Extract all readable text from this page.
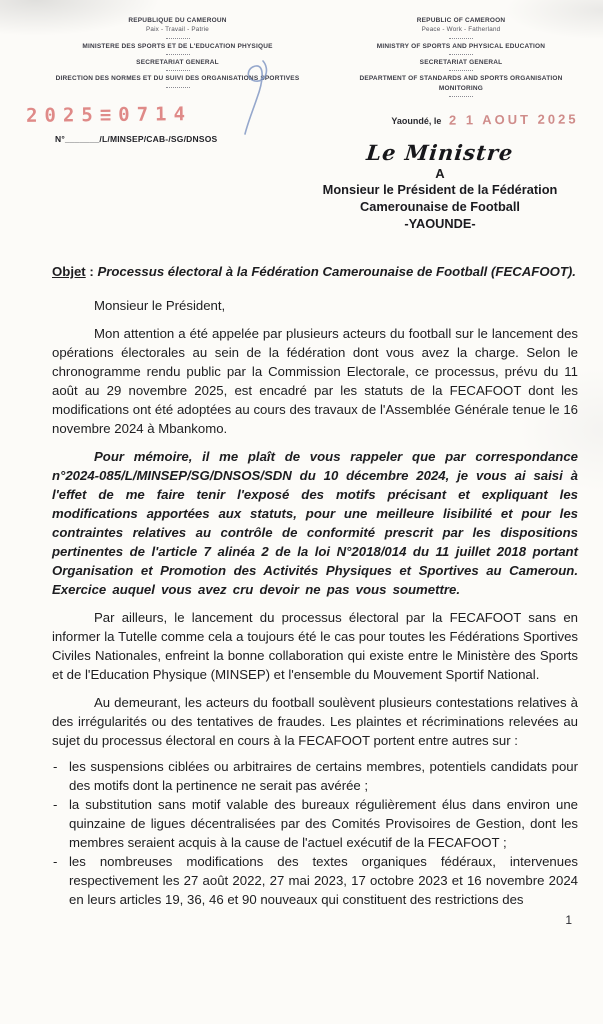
REPUBLIQUE DU CAMEROUN
Paix - Travail - Patrie
MINISTERE DES SPORTS ET DE L'EDUCATION PHYSIQUE
SECRETARIAT GENERAL
DIRECTION DES NORMES ET DU SUIVI DES ORGANISATIONS SPORTIVES
REPUBLIC OF CAMEROON
Peace - Work - Fatherland
MINISTRY OF SPORTS AND PHYSICAL EDUCATION
SECRETARIAT GENERAL
DEPARTMENT OF STANDARDS AND SPORTS ORGANISATION MONITORING
2025≡0714
N°_______/L/MINSEP/CAB-/SG/DNSOS
Yaoundé, le 2 1 AOUT 2025
Le Ministre
A
Monsieur le Président de la Fédération
Camerounaise de Football
-YAOUNDE-
Objet : Processus électoral à la Fédération Camerounaise de Football (FECAFOOT).
Monsieur le Président,

Mon attention a été appelée par plusieurs acteurs du football sur le lancement des opérations électorales au sein de la fédération dont vous avez la charge. Selon le chronogramme rendu public par la Commission Electorale, ce processus, prévu du 11 août au 29 novembre 2025, est encadré par les statuts de la FECAFOOT dont les modifications ont été adoptées au cours des travaux de l'Assemblée Générale tenue le 16 novembre 2024 à Mbankomo.

Pour mémoire, il me plaît de vous rappeler que par correspondance n°2024-085/L/MINSEP/SG/DNSOS/SDN du 10 décembre 2024, je vous ai saisi à l'effet de me faire tenir l'exposé des motifs précisant et expliquant les modifications apportées aux statuts, pour une meilleure lisibilité et pour les contraintes relatives au contrôle de conformité prescrit par les dispositions pertinentes de l'article 7 alinéa 2 de la loi N°2018/014 du 11 juillet 2018 portant Organisation et Promotion des Activités Physiques et Sportives au Cameroun. Exercice auquel vous avez cru devoir ne pas vous soumettre.

Par ailleurs, le lancement du processus électoral par la FECAFOOT sans en informer la Tutelle comme cela a toujours été le cas pour toutes les Fédérations Sportives Civiles Nationales, enfreint la bonne collaboration qui existe entre le Ministère des Sports et de l'Education Physique (MINSEP) et l'ensemble du Mouvement Sportif National.

Au demeurant, les acteurs du football soulèvent plusieurs contestations relatives à des irrégularités ou des tentatives de fraudes. Les plaintes et récriminations relevées au sujet du processus électoral en cours à la FECAFOOT portent entre autres sur :

- les suspensions ciblées ou arbitraires de certains membres, potentiels candidats pour des motifs dont la pertinence ne serait pas avérée ;
- la substitution sans motif valable des bureaux régulièrement élus dans environ une quinzaine de ligues décentralisées par des Comités Provisoires de Gestion, dont les membres seraient acquis à la cause de l'actuel exécutif de la FECAFOOT ;
- les nombreuses modifications des textes organiques fédéraux, intervenues respectivement les 27 août 2022, 27 mai 2023, 17 octobre 2023 et 16 novembre 2024 en leurs articles 19, 36, 46 et 90 nouveaux qui constituent des restrictions des
1
